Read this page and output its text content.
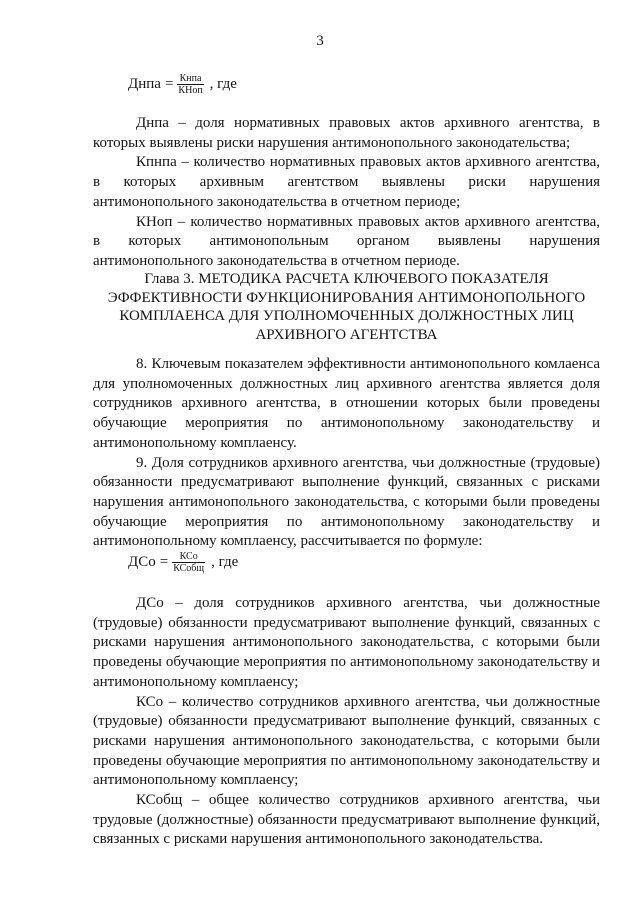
3
Днпа = $\frac{\text{Кнпа}}{\text{КНоп}}$ , где

Днпа – доля нормативных правовых актов архивного агентства, в которых выявлены риски нарушения антимонопольного законодательства;

Кпнпа – количество нормативных правовых актов архивного агентства, в которых архивным агентством выявлены риски нарушения антимонопольного законодательства в отчетном периоде;

КНоп – количество нормативных правовых актов архивного агентства, в которых антимонопольным органом выявлены нарушения антимонопольного законодательства в отчетном периоде.

Глава 3. МЕТОДИКА РАСЧЕТА КЛЮЧЕВОГО ПОКАЗАТЕЛЯ
ЭФФЕКТИВНОСТИ ФУНКЦИОНИРОВАНИЯ АНТИМОНОПОЛЬНОГО
КОМПЛАЕНСА ДЛЯ УПОЛНОМОЧЕННЫХ ДОЛЖНОСТНЫХ ЛИЦ
АРХИВНОГО АГЕНТСТВА

8. Ключевым показателем эффективности антимонопольного комлаенса для уполномоченных должностных лиц архивного агентства является доля сотрудников архивного агентства, в отношении которых были проведены обучающие мероприятия по антимонопольному законодательству и антимонопольному комплаенсу.

9. Доля сотрудников архивного агентства, чьи должностные (трудовые) обязанности предусматривают выполнение функций, связанных с рисками нарушения антимонопольного законодательства, с которыми были проведены обучающие мероприятия по антимонопольному законодательству и антимонопольному комплаенсу, рассчитывается по формуле:

ДСо = $\frac{\text{КСо}}{\text{КСобщ}}$ , где

ДСо – доля сотрудников архивного агентства, чьи должностные (трудовые) обязанности предусматривают выполнение функций, связанных с рисками нарушения антимонопольного законодательства, с которыми были проведены обучающие мероприятия по антимонопольному законодательству и антимонопольному комплаенсу;

КСо – количество сотрудников архивного агентства, чьи должностные (трудовые) обязанности предусматривают выполнение функций, связанных с рисками нарушения антимонопольного законодательства, с которыми были проведены обучающие мероприятия по антимонопольному законодательству и антимонопольному комплаенсу;

КСобщ – общее количество сотрудников архивного агентства, чьи трудовые (должностные) обязанности предусматривают выполнение функций, связанных с рисками нарушения антимонопольного законодательства.
